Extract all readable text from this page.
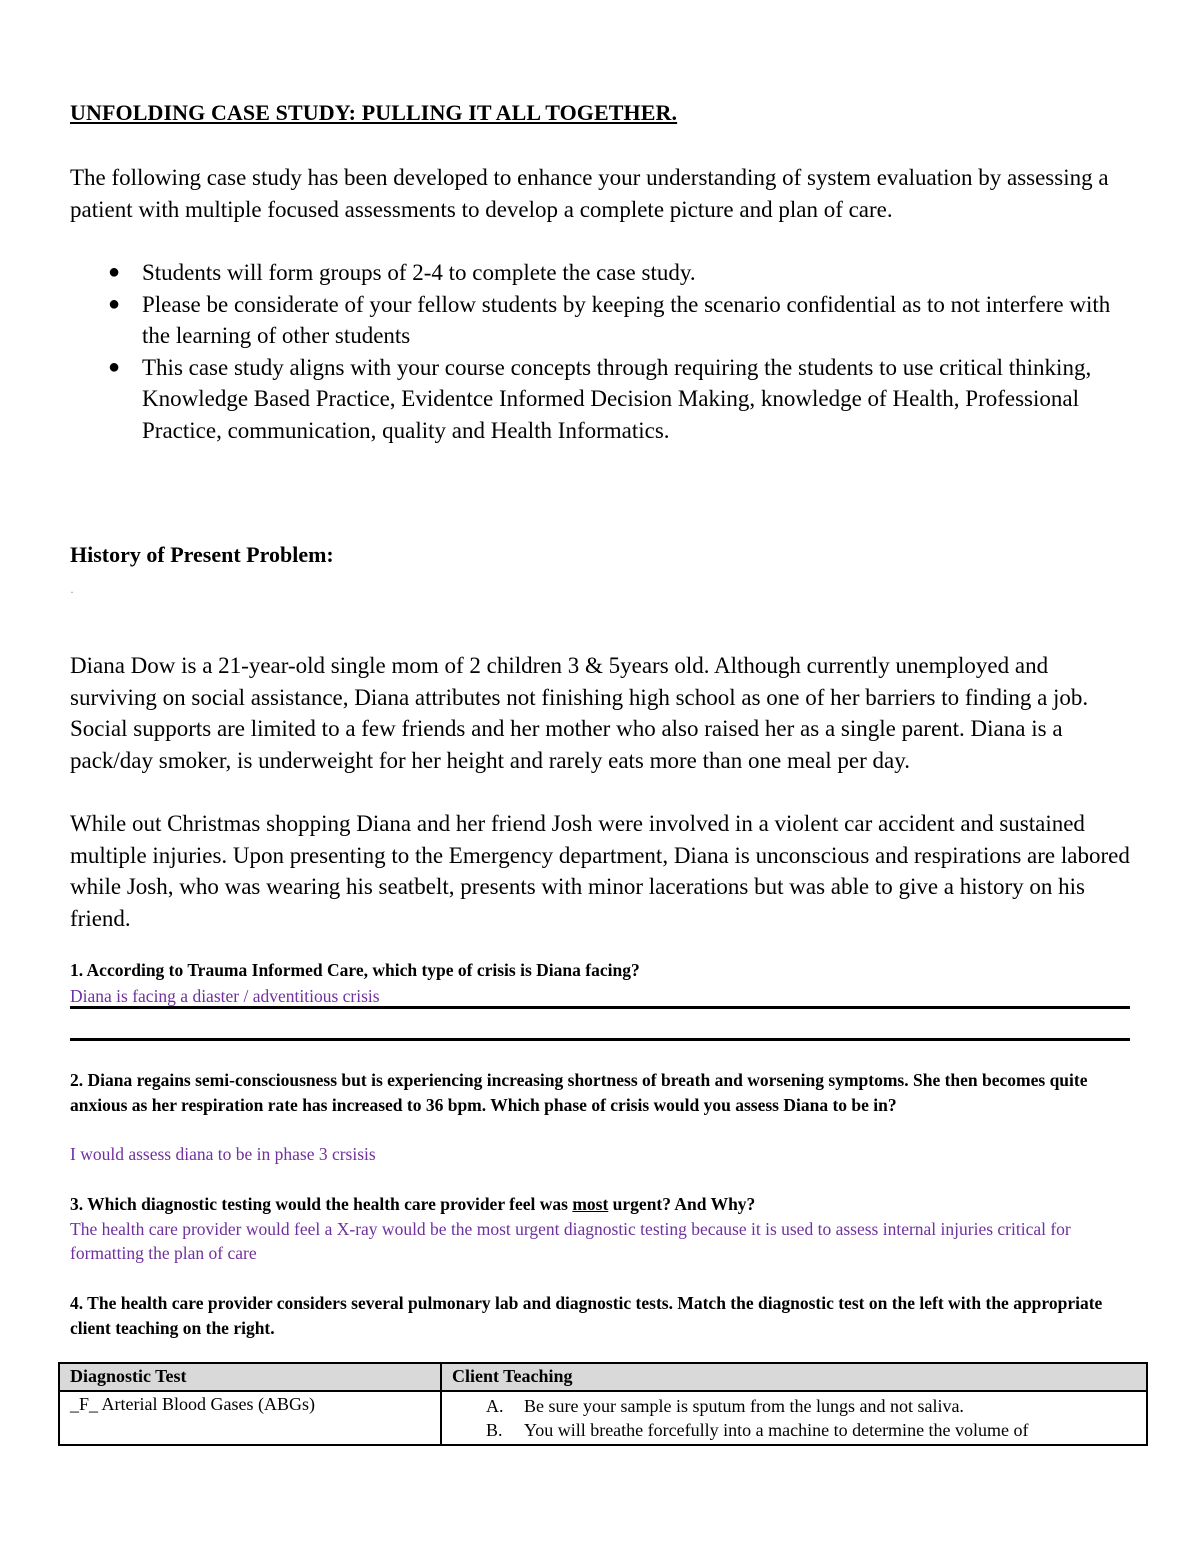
UNFOLDING CASE STUDY: PULLING IT ALL TOGETHER.
The following case study has been developed to enhance your understanding of system evaluation by assessing a patient with multiple focused assessments to develop a complete picture and plan of care.
● Students will form groups of 2-4 to complete the case study.
● Please be considerate of your fellow students by keeping the scenario confidential as to not interfere with the learning of other students
● This case study aligns with your course concepts through requiring the students to use critical thinking, Knowledge Based Practice, Evidentce Informed Decision Making, knowledge of Health, Professional Practice, communication, quality and Health Informatics.
History of Present Problem:
·
Diana Dow is a 21-year-old single mom of 2 children 3 & 5years old. Although currently unemployed and surviving on social assistance, Diana attributes not finishing high school as one of her barriers to finding a job. Social supports are limited to a few friends and her mother who also raised her as a single parent. Diana is a pack/day smoker, is underweight for her height and rarely eats more than one meal per day.
While out Christmas shopping Diana and her friend Josh were involved in a violent car accident and sustained multiple injuries. Upon presenting to the Emergency department, Diana is unconscious and respirations are labored while Josh, who was wearing his seatbelt, presents with minor lacerations but was able to give a history on his friend.
1. According to Trauma Informed Care, which type of crisis is Diana facing?
Diana is facing a diaster / adventitious crisis
2. Diana regains semi-consciousness but is experiencing increasing shortness of breath and worsening symptoms. She then becomes quite anxious as her respiration rate has increased to 36 bpm. Which phase of crisis would you assess Diana to be in?
I would assess diana to be in phase 3 crsisis
3. Which diagnostic testing would the health care provider feel was most urgent? And Why?
The health care provider would feel a X-ray would be the most urgent diagnostic testing because it is used to assess internal injuries critical for formatting the plan of care
4. The health care provider considers several pulmonary lab and diagnostic tests. Match the diagnostic test on the left with the appropriate client teaching on the right.
Diagnostic Test	Client Teaching
_F_ Arterial Blood Gases (ABGs)	A. Be sure your sample is sputum from the lungs and not saliva.
B. You will breathe forcefully into a machine to determine the volume of
